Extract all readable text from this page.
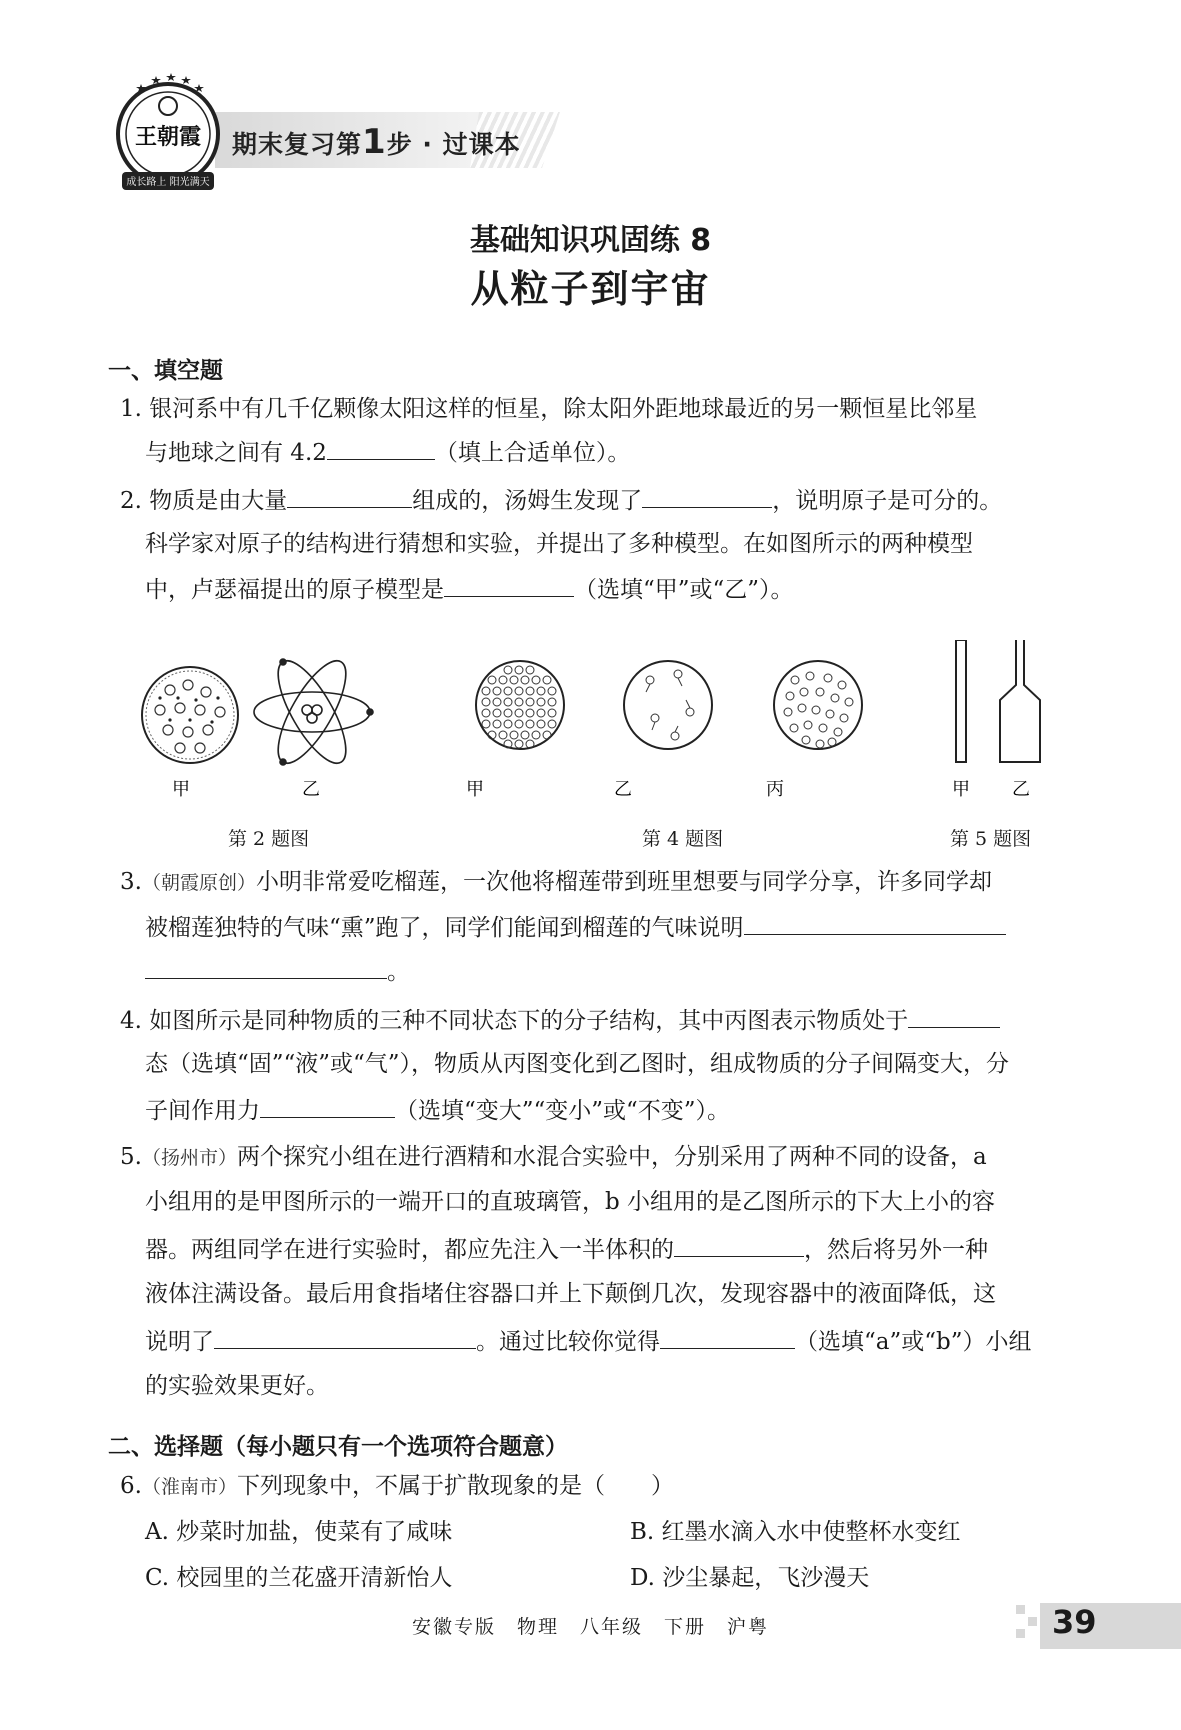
期末复习第1步 · 过课本
王朝霞
成长路上 阳光满天
基础知识巩固练 8
从粒子到宇宙
一、填空题
1. 银河系中有几千亿颗像太阳这样的恒星，除太阳外距地球最近的另一颗恒星比邻星
与地球之间有 4.2	（填上合适单位）。
2. 物质是由大量	组成的，汤姆生发现了	，说明原子是可分的。
科学家对原子的结构进行猜想和实验，并提出了多种模型。在如图所示的两种模型
中，卢瑟福提出的原子模型是	（选填“甲”或“乙”）。
甲	乙	甲	乙	丙	甲 乙
第 2 题图	第 4 题图	第 5 题图
3.（朝霞原创）小明非常爱吃榴莲，一次他将榴莲带到班里想要与同学分享，许多同学却
被榴莲独特的气味“熏”跑了，同学们能闻到榴莲的气味说明
。
4. 如图所示是同种物质的三种不同状态下的分子结构，其中丙图表示物质处于
态（选填“固”“液”或“气”），物质从丙图变化到乙图时，组成物质的分子间隔变大，分
子间作用力	（选填“变大”“变小”或“不变”）。
5.（扬州市）两个探究小组在进行酒精和水混合实验中，分别采用了两种不同的设备，a
小组用的是甲图所示的一端开口的直玻璃管，b 小组用的是乙图所示的下大上小的容
器。两组同学在进行实验时，都应先注入一半体积的	，然后将另外一种
液体注满设备。最后用食指堵住容器口并上下颠倒几次，发现容器中的液面降低，这
说明了	。通过比较你觉得	（选填“a”或“b”）小组
的实验效果更好。
二、选择题（每小题只有一个选项符合题意）
6.（淮南市）下列现象中，不属于扩散现象的是（　　）
A. 炒菜时加盐，使菜有了咸味	B. 红墨水滴入水中使整杯水变红
C. 校园里的兰花盛开清新怡人	D. 沙尘暴起，飞沙漫天
安徽专版　物理　八年级　下册　沪粤	39
